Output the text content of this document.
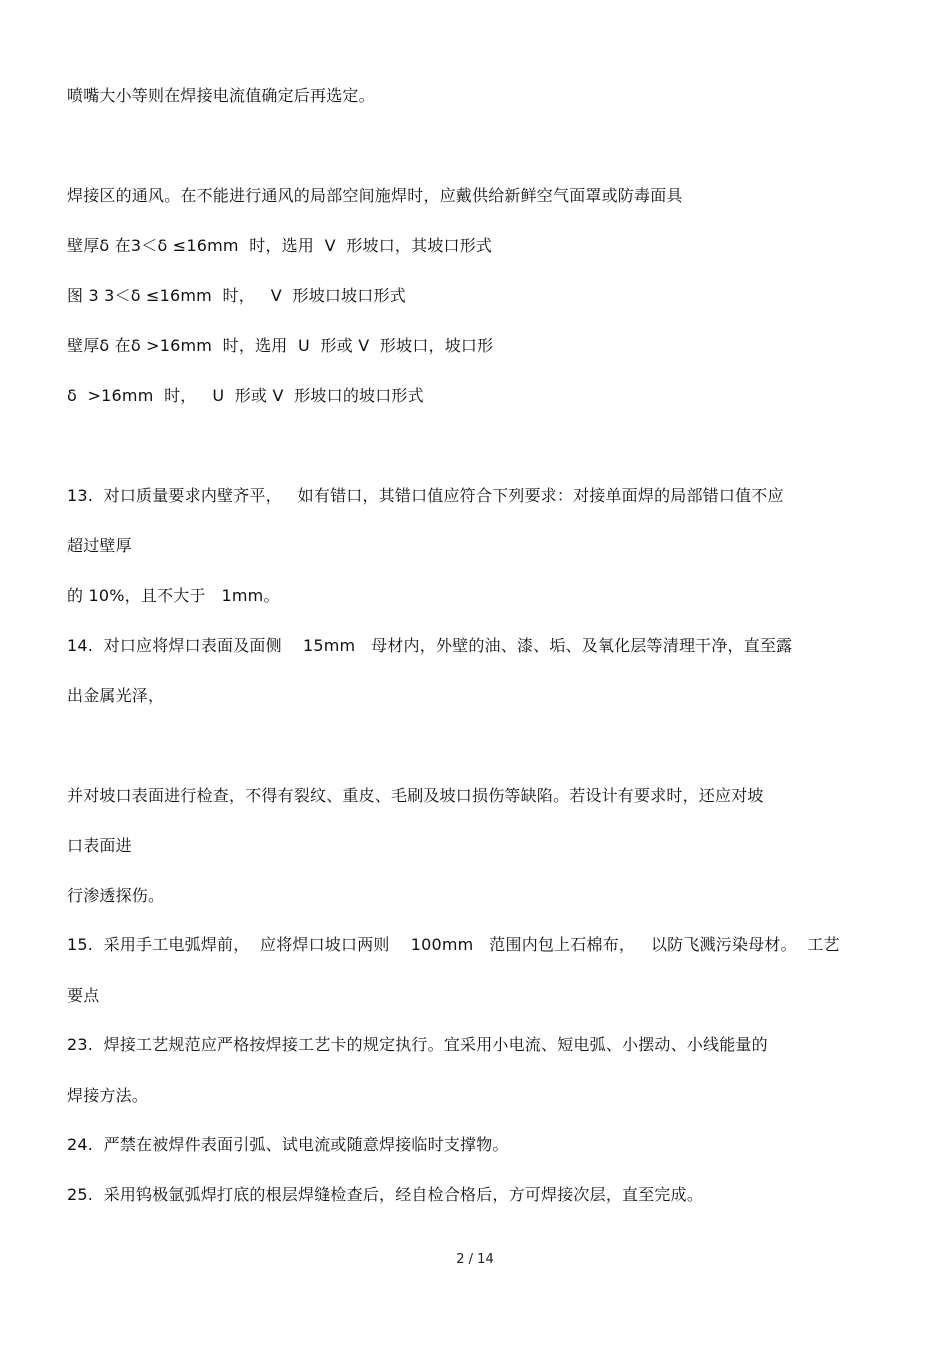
喷嘴大小等则在焊接电流值确定后再选定。
焊接区的通风。在不能进行通风的局部空间施焊时，应戴供给新鲜空气面罩或防毒面具
壁厚δ 在3＜δ ≤16mm  时，选用  V  形坡口，其坡口形式
图 3 3＜δ ≤16mm  时，   V  形坡口坡口形式
壁厚δ 在δ >16mm  时，选用  U  形或 V  形坡口，坡口形
δ  >16mm  时，   U  形或 V  形坡口的坡口形式
13.  对口质量要求内壁齐平，   如有错口，其错口值应符合下列要求：对接单面焊的局部错口值不应
超过壁厚
的 10%，且不大于   1mm。
14.  对口应将焊口表面及面侧    15mm   母材内，外壁的油、漆、垢、及氧化层等清理干净，直至露
出金属光泽，
并对坡口表面进行检查，不得有裂纹、重皮、毛刷及坡口损伤等缺陷。若设计有要求时，还应对坡
口表面进
行渗透探伤。
15.  采用手工电弧焊前，  应将焊口坡口两则    100mm   范围内包上石棉布，   以防飞溅污染母材。  工艺
要点
23.  焊接工艺规范应严格按焊接工艺卡的规定执行。宜采用小电流、短电弧、小摆动、小线能量的
焊接方法。
24.  严禁在被焊件表面引弧、试电流或随意焊接临时支撑物。
25.  采用钨极氩弧焊打底的根层焊缝检查后，经自检合格后，方可焊接次层，直至完成。
2 / 14
